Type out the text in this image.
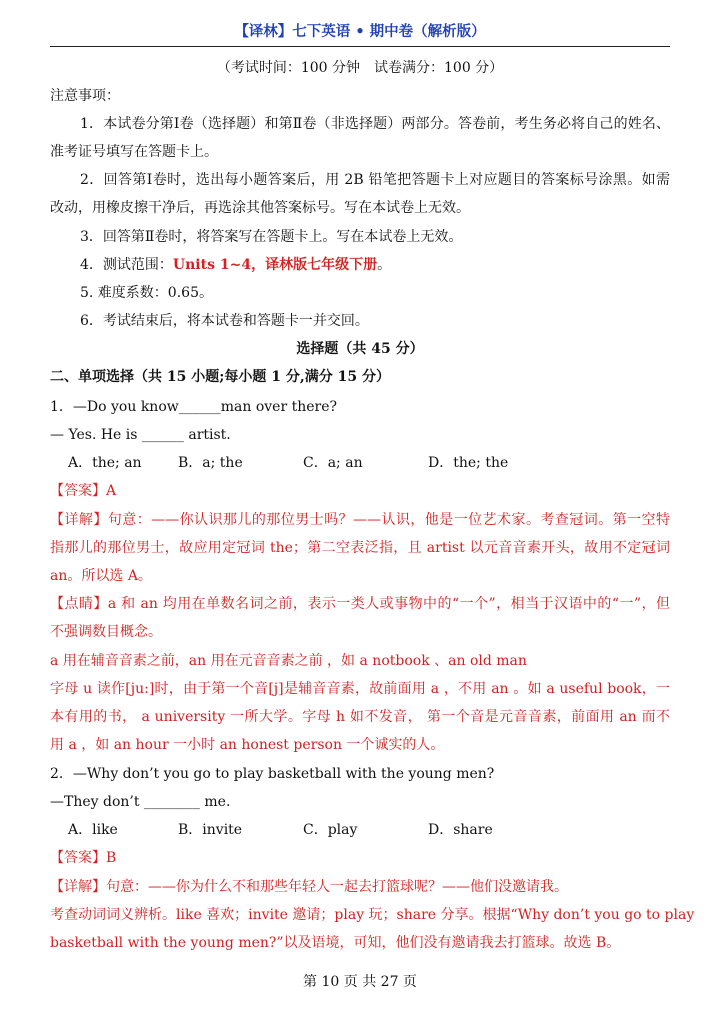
【译林】七下英语 • 期中卷（解析版）
（考试时间：100 分钟　试卷满分：100 分）
注意事项：
1．本试卷分第Ⅰ卷（选择题）和第Ⅱ卷（非选择题）两部分。答卷前，考生务必将自己的姓名、
准考证号填写在答题卡上。
2．回答第Ⅰ卷时，选出每小题答案后，用 2B 铅笔把答题卡上对应题目的答案标号涂黑。如需
改动，用橡皮擦干净后，再选涂其他答案标号。写在本试卷上无效。
3．回答第Ⅱ卷时，将答案写在答题卡上。写在本试卷上无效。
4．测试范围：Units 1~4，译林版七年级下册。
5. 难度系数：0.65。
6．考试结束后，将本试卷和答题卡一并交回。
选择题（共 45 分）
二、单项选择（共 15 小题;每小题 1 分,满分 15 分）
1．—Do you know______man over there?
— Yes. He is ______ artist.
A．the; an	B．a; the	C．a; an	D．the; the
【答案】A
【详解】句意：——你认识那儿的那位男士吗？——认识，他是一位艺术家。考查冠词。第一空特
指那儿的那位男士，故应用定冠词 the；第二空表泛指，且 artist 以元音音素开头，故用不定冠词
an。所以选 A。
【点睛】a 和 an 均用在单数名词之前，表示一类人或事物中的“一个”，相当于汉语中的“一”，但
不强调数目概念。
a 用在辅音音素之前，an 用在元音音素之前 ，如 a notbook 、an old man
字母 u 读作[ju:]时，由于第一个音[j]是辅音音素，故前面用 a ，不用 an 。如 a useful book，一
本有用的书， a university 一所大学。字母 h 如不发音， 第一个音是元音音素，前面用 an 而不
用 a ，如 an hour 一小时 an honest person 一个诚实的人。
2．—Why don’t you go to play basketball with the young men?
—They don’t ________ me.
A．like	B．invite	C．play	D．share
【答案】B
【详解】句意：——你为什么不和那些年轻人一起去打篮球呢？——他们没邀请我。
考查动词词义辨析。like 喜欢；invite 邀请；play 玩；share 分享。根据“Why don’t you go to play
basketball with the young men?”以及语境，可知，他们没有邀请我去打篮球。故选 B。
第 10 页 共 27 页
